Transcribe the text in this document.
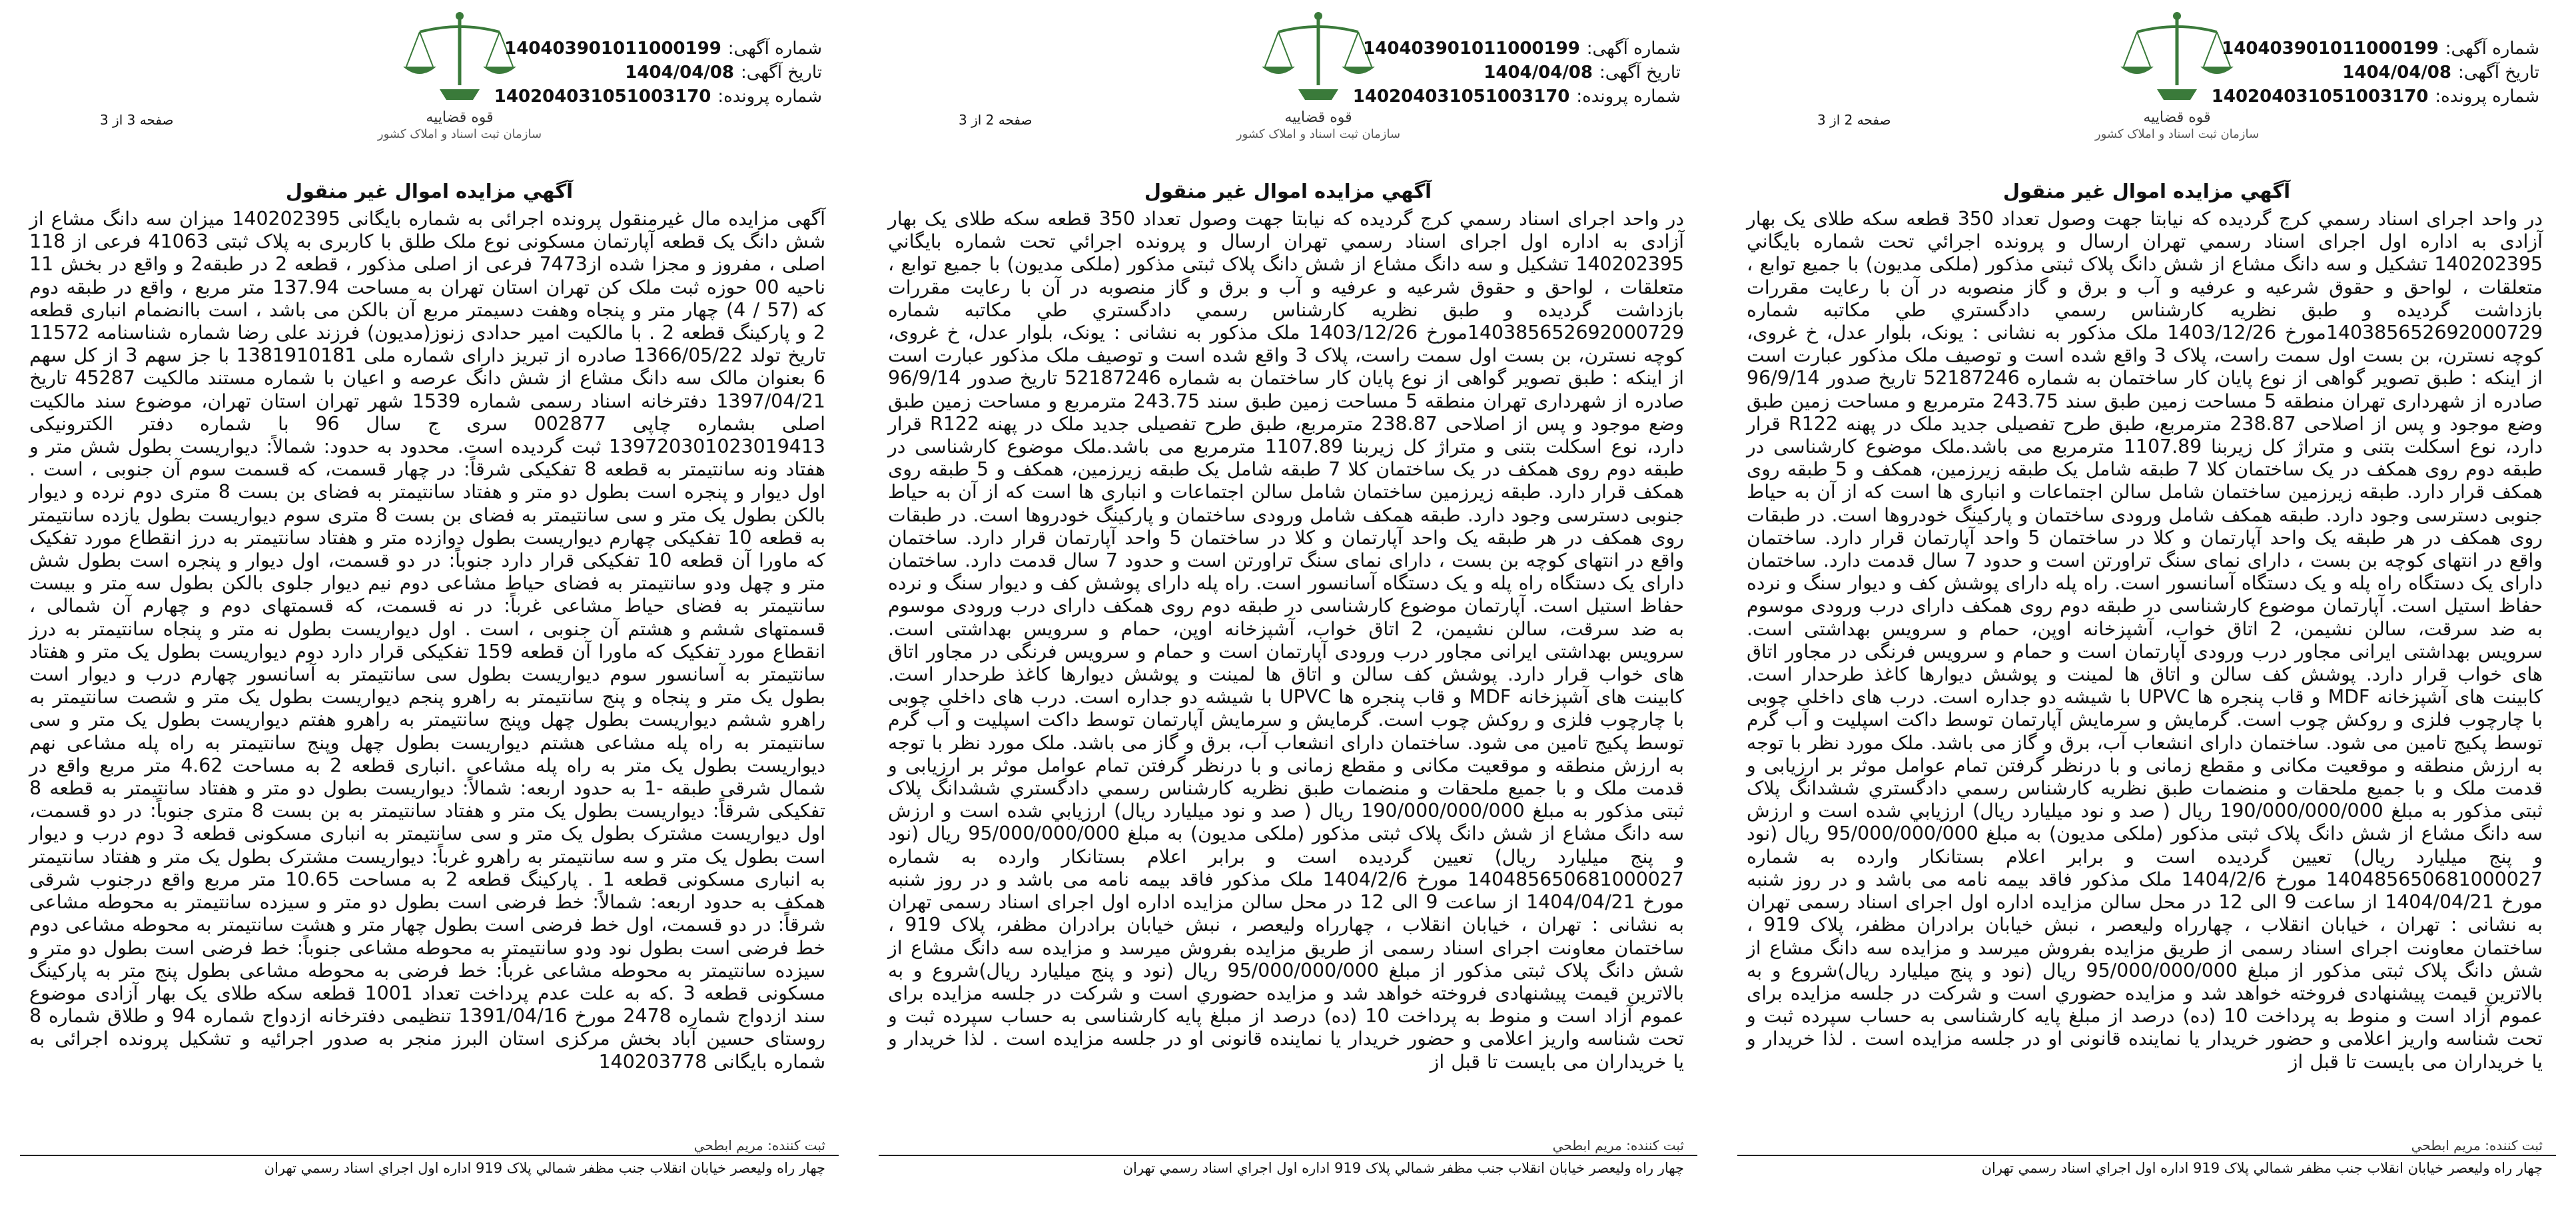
قوه قضاییه
سازمان ثبت اسناد و املاک کشور
شماره آگهی:140403901011000199
تاریخ آگهی:1404/04/08
شماره پرونده:140204031051003170
صفحه 2 از 3
آگهي مزايده اموال غير منقول
در واحد اجرای اسناد رسمي کرج گرديده که نيابتا جهت وصول تعداد 350 قطعه سکه طلای يک بهار آزادی به اداره اول اجرای اسناد رسمي تهران ارسال و پرونده اجرائي تحت شماره بايگاني 140202395 تشکيل و سه دانگ مشاع از شش دانگ پلاک ثبتی مذکور (ملکی مدیون) با جمیع توابع ، متعلقات ، لواحق و حقوق شرعیه و عرفیه و آب و برق و گاز منصوبه در آن با رعایت مقررات بازداشت گرديده و طبق نظریه کارشناس رسمي دادگستري طي مكاتبه شماره 140385652692000729مورخ 1403/12/26 ملک مذکور به نشانی : یونک، بلوار عدل، خ غروی، کوچه نسترن، بن بست اول سمت راست، پلاک 3 واقع شده است و توصيف ملک مذکور عبارت است از اینکه : طبق تصویر گواهی از نوع پایان کار ساختمان به شماره 52187246 تاریخ صدور 96/9/14 صادره از شهرداری تهران منطقه 5 مساحت زمین طبق سند 243.75 مترمربع و مساحت زمین طبق وضع موجود و پس از اصلاحی 238.87 مترمربع، طبق طرح تفصیلی جدید ملک در پهنه R122 قرار دارد، نوع اسکلت بتنی و متراژ کل زیربنا 1107.89 مترمربع می باشد.ملک موضوع کارشناسی در طبقه دوم روی همکف در یک ساختمان کلا 7 طبقه شامل یک طبقه زیرزمین، همکف و 5 طبقه روی همکف قرار دارد. طبقه زیرزمین ساختمان شامل سالن اجتماعات و انباری ها است که از آن به حیاط جنوبی دسترسی وجود دارد. طبقه همکف شامل ورودی ساختمان و پارکینگ خودروها است. در طبقات روی همکف در هر طبقه یک واحد آپارتمان و کلا در ساختمان 5 واحد آپارتمان قرار دارد. ساختمان واقع در انتهای کوچه بن بست ، دارای نمای سنگ تراورتن است و حدود 7 سال قدمت دارد. ساختمان دارای یک دستگاه راه پله و یک دستگاه آسانسور است. راه پله دارای پوشش کف و دیوار سنگ و نرده حفاظ استیل است. آپارتمان موضوع کارشناسی در طبقه دوم روی همکف دارای درب ورودی موسوم به ضد سرقت، سالن نشیمن، 2 اتاق خواب، آشپزخانه اوپن، حمام و سرویس بهداشتی است. سرویس بهداشتی ایرانی مجاور درب ورودی آپارتمان است و حمام و سرویس فرنگی در مجاور اتاق های خواب قرار دارد. پوشش کف سالن و اتاق ها لمینت و پوشش دیوارها کاغذ طرحدار است. کابینت های آشپزخانه MDF و قاب پنجره ها UPVC با شیشه دو جداره است. درب های داخلی چوبی با چارچوب فلزی و روکش چوب است. گرمایش و سرمایش آپارتمان توسط داکت اسپلیت و آب گرم توسط پکیج تامین می شود. ساختمان دارای انشعاب آب، برق و گاز می باشد. ملک مورد نظر با توجه به ارزش منطقه و موقعیت مکانی و مقطع زمانی و با درنظر گرفتن تمام عوامل موثر بر ارزیابی و قدمت ملک و با جميع ملحقات و منضمات طبق نظریه كارشناس رسمي دادگستري ششدانگ پلاک ثبتی مذکور به مبلغ 190/000/000/000 ريال ( صد و نود ميليارد ريال) ارزيابي شده است و ارزش سه دانگ مشاع از شش دانگ پلاک ثبتی مذکور (ملکی مدیون) به مبلغ 95/000/000/000 ريال (نود و پنج ميليارد ريال) تعيين گرديده است و برابر اعلام بستانكار وارده به شماره 140485650681000027 مورخ 1404/2/6 ملک مذکور فاقد بیمه نامه می باشد و در روز شنبه مورخ 1404/04/21 از ساعت 9 الی 12 در محل سالن مزايده اداره اول اجرای اسناد رسمی تهران به نشانی : تهران ، خیابان انقلاب ، چهارراه ولیعصر ، نبش خیابان برادران مظفر، پلاک 919 ، ساختمان معاونت اجرای اسناد رسمی از طريق مزايده بفروش ميرسد و مزایده سه دانگ مشاع از شش دانگ پلاک ثبتی مذکور از مبلغ 95/000/000/000 ريال (نود و پنج ميليارد ريال)شروع و به بالاترين قيمت پيشنهادی فروخته خواهد شد و مزايده حضوري است و شرکت در جلسه مزایده برای عموم آزاد است و منوط به پرداخت 10 (ده) درصد از مبلغ پایه کارشناسی به حساب سپرده ثبت و تحت شناسه واریز اعلامی و حضور خریدار یا نماینده قانونی او در جلسه مزایده است . لذا خریدار و یا خریداران می بایست تا قبل از
ثبت کننده: مریم ابطحي
چهار راه وليعصر خيابان انقلاب جنب مظفر شمالي پلاک 919 اداره اول اجراي اسناد رسمي تهران
قوه قضاییه
سازمان ثبت اسناد و املاک کشور
شماره آگهی:140403901011000199
تاریخ آگهی:1404/04/08
شماره پرونده:140204031051003170
صفحه 2 از 3
آگهي مزايده اموال غير منقول
در واحد اجرای اسناد رسمي کرج گرديده که نيابتا جهت وصول تعداد 350 قطعه سکه طلای يک بهار آزادی به اداره اول اجرای اسناد رسمي تهران ارسال و پرونده اجرائي تحت شماره بايگاني 140202395 تشکيل و سه دانگ مشاع از شش دانگ پلاک ثبتی مذکور (ملکی مدیون) با جمیع توابع ، متعلقات ، لواحق و حقوق شرعیه و عرفیه و آب و برق و گاز منصوبه در آن با رعایت مقررات بازداشت گرديده و طبق نظریه کارشناس رسمي دادگستري طي مكاتبه شماره 140385652692000729مورخ 1403/12/26 ملک مذکور به نشانی : یونک، بلوار عدل، خ غروی، کوچه نسترن، بن بست اول سمت راست، پلاک 3 واقع شده است و توصيف ملک مذکور عبارت است از اینکه : طبق تصویر گواهی از نوع پایان کار ساختمان به شماره 52187246 تاریخ صدور 96/9/14 صادره از شهرداری تهران منطقه 5 مساحت زمین طبق سند 243.75 مترمربع و مساحت زمین طبق وضع موجود و پس از اصلاحی 238.87 مترمربع، طبق طرح تفصیلی جدید ملک در پهنه R122 قرار دارد، نوع اسکلت بتنی و متراژ کل زیربنا 1107.89 مترمربع می باشد.ملک موضوع کارشناسی در طبقه دوم روی همکف در یک ساختمان کلا 7 طبقه شامل یک طبقه زیرزمین، همکف و 5 طبقه روی همکف قرار دارد. طبقه زیرزمین ساختمان شامل سالن اجتماعات و انباری ها است که از آن به حیاط جنوبی دسترسی وجود دارد. طبقه همکف شامل ورودی ساختمان و پارکینگ خودروها است. در طبقات روی همکف در هر طبقه یک واحد آپارتمان و کلا در ساختمان 5 واحد آپارتمان قرار دارد. ساختمان واقع در انتهای کوچه بن بست ، دارای نمای سنگ تراورتن است و حدود 7 سال قدمت دارد. ساختمان دارای یک دستگاه راه پله و یک دستگاه آسانسور است. راه پله دارای پوشش کف و دیوار سنگ و نرده حفاظ استیل است. آپارتمان موضوع کارشناسی در طبقه دوم روی همکف دارای درب ورودی موسوم به ضد سرقت، سالن نشیمن، 2 اتاق خواب، آشپزخانه اوپن، حمام و سرویس بهداشتی است. سرویس بهداشتی ایرانی مجاور درب ورودی آپارتمان است و حمام و سرویس فرنگی در مجاور اتاق های خواب قرار دارد. پوشش کف سالن و اتاق ها لمینت و پوشش دیوارها کاغذ طرحدار است. کابینت های آشپزخانه MDF و قاب پنجره ها UPVC با شیشه دو جداره است. درب های داخلی چوبی با چارچوب فلزی و روکش چوب است. گرمایش و سرمایش آپارتمان توسط داکت اسپلیت و آب گرم توسط پکیج تامین می شود. ساختمان دارای انشعاب آب، برق و گاز می باشد. ملک مورد نظر با توجه به ارزش منطقه و موقعیت مکانی و مقطع زمانی و با درنظر گرفتن تمام عوامل موثر بر ارزیابی و قدمت ملک و با جميع ملحقات و منضمات طبق نظریه كارشناس رسمي دادگستري ششدانگ پلاک ثبتی مذکور به مبلغ 190/000/000/000 ريال ( صد و نود ميليارد ريال) ارزيابي شده است و ارزش سه دانگ مشاع از شش دانگ پلاک ثبتی مذکور (ملکی مدیون) به مبلغ 95/000/000/000 ريال (نود و پنج ميليارد ريال) تعيين گرديده است و برابر اعلام بستانكار وارده به شماره 140485650681000027 مورخ 1404/2/6 ملک مذکور فاقد بیمه نامه می باشد و در روز شنبه مورخ 1404/04/21 از ساعت 9 الی 12 در محل سالن مزايده اداره اول اجرای اسناد رسمی تهران به نشانی : تهران ، خیابان انقلاب ، چهارراه ولیعصر ، نبش خیابان برادران مظفر، پلاک 919 ، ساختمان معاونت اجرای اسناد رسمی از طريق مزايده بفروش ميرسد و مزایده سه دانگ مشاع از شش دانگ پلاک ثبتی مذکور از مبلغ 95/000/000/000 ريال (نود و پنج ميليارد ريال)شروع و به بالاترين قيمت پيشنهادی فروخته خواهد شد و مزايده حضوري است و شرکت در جلسه مزایده برای عموم آزاد است و منوط به پرداخت 10 (ده) درصد از مبلغ پایه کارشناسی به حساب سپرده ثبت و تحت شناسه واریز اعلامی و حضور خریدار یا نماینده قانونی او در جلسه مزایده است . لذا خریدار و یا خریداران می بایست تا قبل از
ثبت کننده: مریم ابطحي
چهار راه وليعصر خيابان انقلاب جنب مظفر شمالي پلاک 919 اداره اول اجراي اسناد رسمي تهران
قوه قضاییه
سازمان ثبت اسناد و املاک کشور
شماره آگهی:140403901011000199
تاریخ آگهی:1404/04/08
شماره پرونده:140204031051003170
صفحه 3 از 3
آگهي مزايده اموال غير منقول
آگهی مزایده مال غیرمنقول پرونده اجرائی به شماره بایگانی 140202395 میزان سه دانگ مشاع از شش دانگ یک قطعه آپارتمان مسکونی نوع ملک طلق با کاربری به پلاک ثبتی 41063 فرعی از 118 اصلی ، مفروز و مجزا شده از7473 فرعی از اصلی مذکور ، قطعه 2 در طبقه2 و واقع در بخش 11 ناحیه 00 حوزه ثبت ملک کن تهران استان تهران به مساحت 137.94 متر مربع ، واقع در طبقه دوم که (57 / 4) چهار متر و پنجاه وهفت دسیمتر مربع آن بالکن می باشد ، است باانضمام انباری قطعه 2 و پارکینگ قطعه 2 . با مالکیت امیر حدادی زنوز(مدیون) فرزند علی رضا شماره شناسنامه 11572 تاریخ تولد 1366/05/22 صادره از تبریز دارای شماره ملی 1381910181 با جز سهم 3 از کل سهم 6 بعنوان مالک سه دانگ مشاع از شش دانگ عرصه و اعیان با شماره مستند مالکیت 45287 تاریخ 1397/04/21 دفترخانه اسناد رسمی شماره 1539 شهر تهران استان تهران، موضوع سند مالکیت اصلی بشماره چاپی 002877 سری ج سال 96 با شماره دفتر الکترونیکی 139720301023019413 ثبت گردیده است. محدود به حدود: شمالاً: دیواریست بطول شش متر و هفتاد ونه سانتیمتر به قطعه 8 تفکیکی شرقاً: در چهار قسمت، که قسمت سوم آن جنوبی ، است . اول دیوار و پنجره است بطول دو متر و هفتاد سانتیمتر به فضای بن بست 8 متری دوم نرده و دیوار بالکن بطول یک متر و سی سانتیمتر به فضای بن بست 8 متری سوم دیواریست بطول یازده سانتیمتر به قطعه 10 تفکیکی چهارم دیواریست بطول دوازده متر و هفتاد سانتیمتر به درز انقطاع مورد تفکیک که ماورا آن قطعه 10 تفکیکی قرار دارد جنوباً: در دو قسمت، اول دیوار و پنجره است بطول شش متر و چهل ودو سانتیمتر به فضای حیاط مشاعی دوم نیم دیوار جلوی بالکن بطول سه متر و بیست سانتیمتر به فضای حیاط مشاعی غرباً: در نه قسمت، که قسمتهای دوم و چهارم آن شمالی ، قسمتهای ششم و هشتم آن جنوبی ، است . اول دیواریست بطول نه متر و پنجاه سانتیمتر به درز انقطاع مورد تفکیک که ماورا آن قطعه 159 تفکیکی قرار دارد دوم دیواریست بطول یک متر و هفتاد سانتیمتر به آسانسور سوم دیواریست بطول سی سانتیمتر به آسانسور چهارم درب و دیوار است بطول یک متر و پنجاه و پنج سانتیمتر به راهرو پنجم دیواریست بطول یک متر و شصت سانتیمتر به راهرو ششم دیواریست بطول چهل وپنج سانتیمتر به راهرو هفتم دیواریست بطول یک متر و سی سانتیمتر به راه پله مشاعی هشتم دیواریست بطول چهل وپنج سانتیمتر به راه پله مشاعی نهم دیواریست بطول یک متر به راه پله مشاعی .انباری قطعه 2 به مساحت 4.62 متر مربع واقع در شمال شرقی طبقه -1 به حدود اربعه: شمالاً: دیواریست بطول دو متر و هفتاد سانتیمتر به قطعه 8 تفکیکی شرقاً: دیواریست بطول یک متر و هفتاد سانتیمتر به بن بست 8 متری جنوباً: در دو قسمت، اول دیواریست مشترک بطول یک متر و سی سانتیمتر به انباری مسکونی قطعه 3 دوم درب و دیوار است بطول یک متر و سه سانتیمتر به راهرو غرباً: دیواریست مشترک بطول یک متر و هفتاد سانتیمتر به انباری مسکونی قطعه 1 . پارکینگ قطعه 2 به مساحت 10.65 متر مربع واقع درجنوب شرقی همکف به حدود اربعه: شمالاً: خط فرضی است بطول دو متر و سیزده سانتیمتر به محوطه مشاعی شرقاً: در دو قسمت، اول خط فرضی است بطول چهار متر و هشت سانتیمتر به محوطه مشاعی دوم خط فرضی است بطول نود ودو سانتیمتر به محوطه مشاعی جنوباً: خط فرضی است بطول دو متر و سیزده سانتیمتر به محوطه مشاعی غرباً: خط فرضی به محوطه مشاعی بطول پنج متر به پارکینگ مسکونی قطعه 3 .که به علت عدم پرداخت تعداد 1001 قطعه سکه طلای یک بهار آزادی موضوع سند ازدواج شماره 2478 مورخ 1391/04/16 تنظیمی دفترخانه ازدواج شماره 94 و طلاق شماره 8 روستای حسین آباد بخش مرکزی استان البرز منجر به صدور اجرائیه و تشکیل پرونده اجرائی به شماره بایگانی 140203778
ثبت کننده: مریم ابطحي
چهار راه وليعصر خيابان انقلاب جنب مظفر شمالي پلاک 919 اداره اول اجراي اسناد رسمي تهران
